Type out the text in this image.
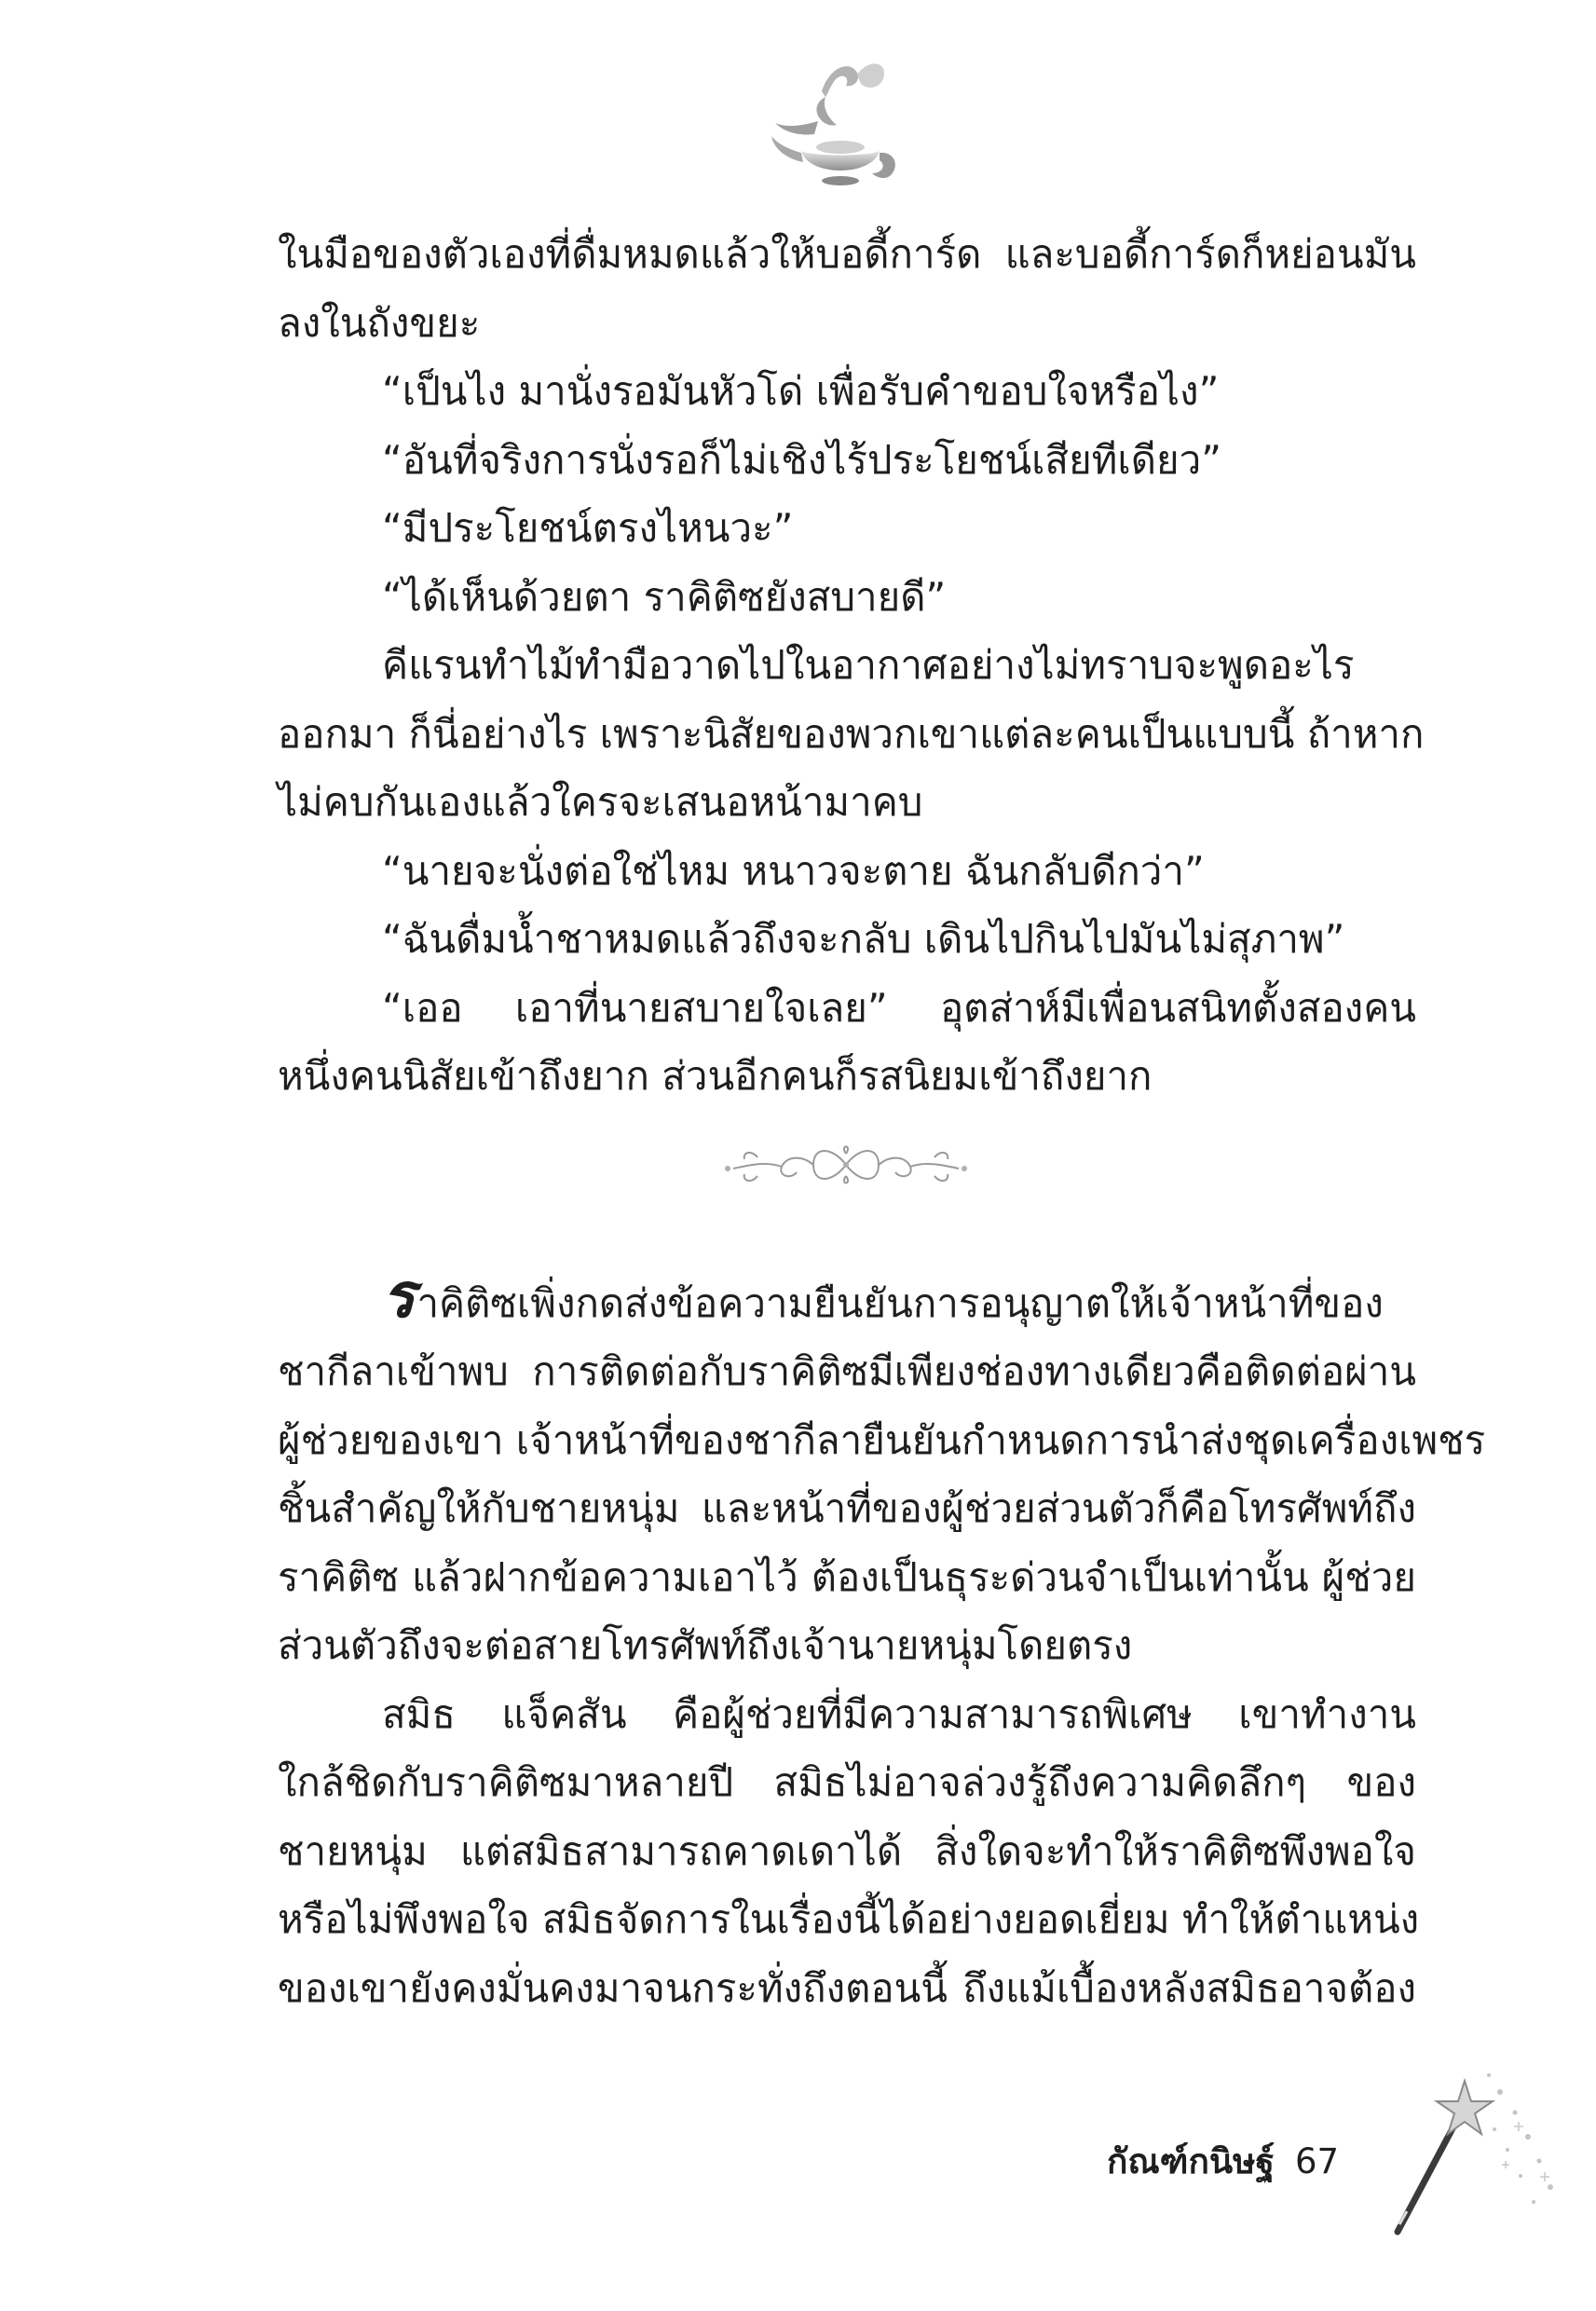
ในมือของตัวเองที่ดื่มหมดแล้วให้บอดี้การ์ด และบอดี้การ์ดก็หย่อนมัน
ลงในถังขยะ
“เป็นไง มานั่งรอมันหัวโด่ เพื่อรับคำขอบใจหรือไง”
“อันที่จริงการนั่งรอก็ไม่เชิงไร้ประโยชน์เสียทีเดียว”
“มีประโยชน์ตรงไหนวะ”
“ได้เห็นด้วยตา ราคิติซยังสบายดี”
คีแรนทำไม้ทำมือวาดไปในอากาศอย่างไม่ทราบจะพูดอะไร
ออกมา ก็นี่อย่างไร เพราะนิสัยของพวกเขาแต่ละคนเป็นแบบนี้ ถ้าหาก
ไม่คบกันเองแล้วใครจะเสนอหน้ามาคบ
“นายจะนั่งต่อใช่ไหม หนาวจะตาย ฉันกลับดีกว่า”
“ฉันดื่มน้ำชาหมดแล้วถึงจะกลับ เดินไปกินไปมันไม่สุภาพ”
“เออ เอาที่นายสบายใจเลย” อุตส่าห์มีเพื่อนสนิทตั้งสองคน
หนึ่งคนนิสัยเข้าถึงยาก ส่วนอีกคนก็รสนิยมเข้าถึงยาก
ราคิติซเพิ่งกดส่งข้อความยืนยันการอนุญาตให้เจ้าหน้าที่ของ
ชากีลาเข้าพบ การติดต่อกับราคิติซมีเพียงช่องทางเดียวคือติดต่อผ่าน
ผู้ช่วยของเขา เจ้าหน้าที่ของชากีลายืนยันกำหนดการนำส่งชุดเครื่องเพชร
ชิ้นสำคัญให้กับชายหนุ่ม และหน้าที่ของผู้ช่วยส่วนตัวก็คือโทรศัพท์ถึง
ราคิติซ แล้วฝากข้อความเอาไว้ ต้องเป็นธุระด่วนจำเป็นเท่านั้น ผู้ช่วย
ส่วนตัวถึงจะต่อสายโทรศัพท์ถึงเจ้านายหนุ่มโดยตรง
สมิธ แจ็คสัน คือผู้ช่วยที่มีความสามารถพิเศษ เขาทำงาน
ใกล้ชิดกับราคิติซมาหลายปี สมิธไม่อาจล่วงรู้ถึงความคิดลึกๆ ของ
ชายหนุ่ม แต่สมิธสามารถคาดเดาได้ สิ่งใดจะทำให้ราคิติซพึงพอใจ
หรือไม่พึงพอใจ สมิธจัดการในเรื่องนี้ได้อย่างยอดเยี่ยม ทำให้ตำแหน่ง
ของเขายังคงมั่นคงมาจนกระทั่งถึงตอนนี้ ถึงแม้เบื้องหลังสมิธอาจต้อง
กัณฑ์กนิษฐ์ 67
